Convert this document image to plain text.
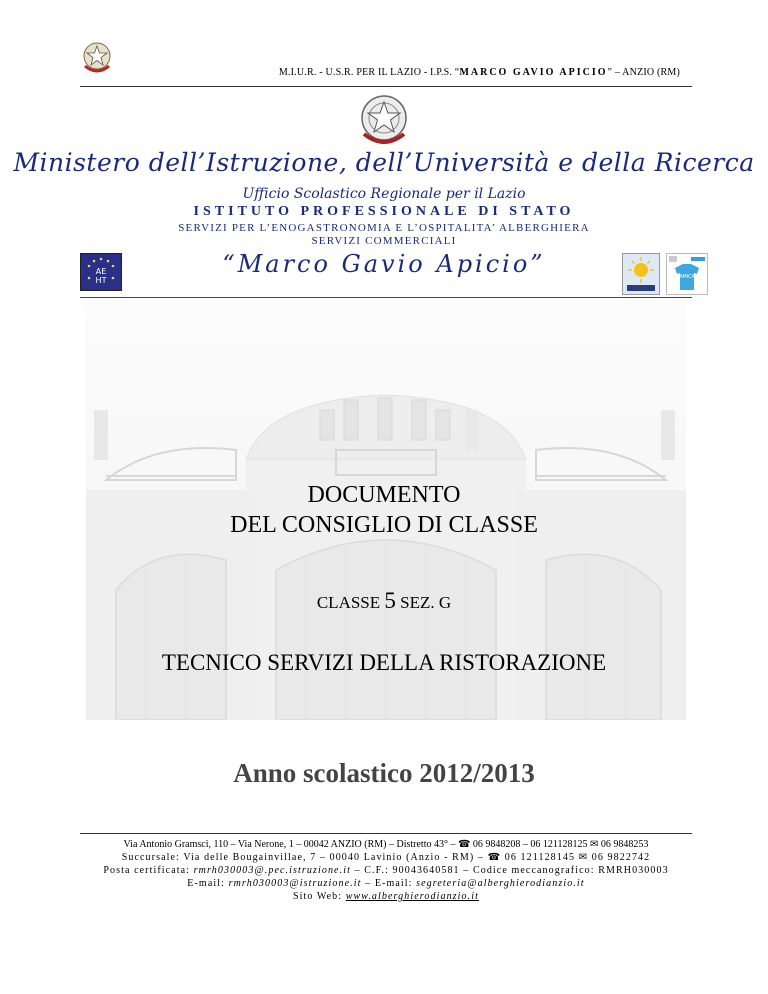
M.I.U.R. - U.S.R. PER IL LAZIO - I.P.S. “MARCO GAVIO APICIO” – ANZIO (RM)
Ministero dell’Istruzione, dell’Università e della Ricerca
Ufficio Scolastico Regionale per il Lazio
ISTITUTO PROFESSIONALE DI STATO
SERVIZI PER L’ENOGASTRONOMIA E L’OSPITALITA’ ALBERGHIERA
SERVIZI COMMERCIALI
“Marco Gavio Apicio”
AE
HT	AMICA
DOCUMENTO
DEL CONSIGLIO DI CLASSE
CLASSE 5 SEZ. G
TECNICO SERVIZI DELLA RISTORAZIONE
Anno scolastico 2012/2013
Via Antonio Gramsci, 110 – Via Nerone, 1 – 00042 ANZIO (RM) – Distretto 43° – ☎ 06 9848208 – 06 121128125 ✉ 06 9848253
Succursale: Via delle Bougainvillae, 7 – 00040 Lavinio (Anzio - RM) – ☎ 06 121128145 ✉ 06 9822742
Posta certificata: rmrh030003@.pec.istruzione.it – C.F.: 90043640581 – Codice meccanografico: RMRH030003
E-mail: rmrh030003@istruzione.it – E-mail: segreteria@alberghierodianzio.it
Sito Web: www.alberghierodianzio.it
